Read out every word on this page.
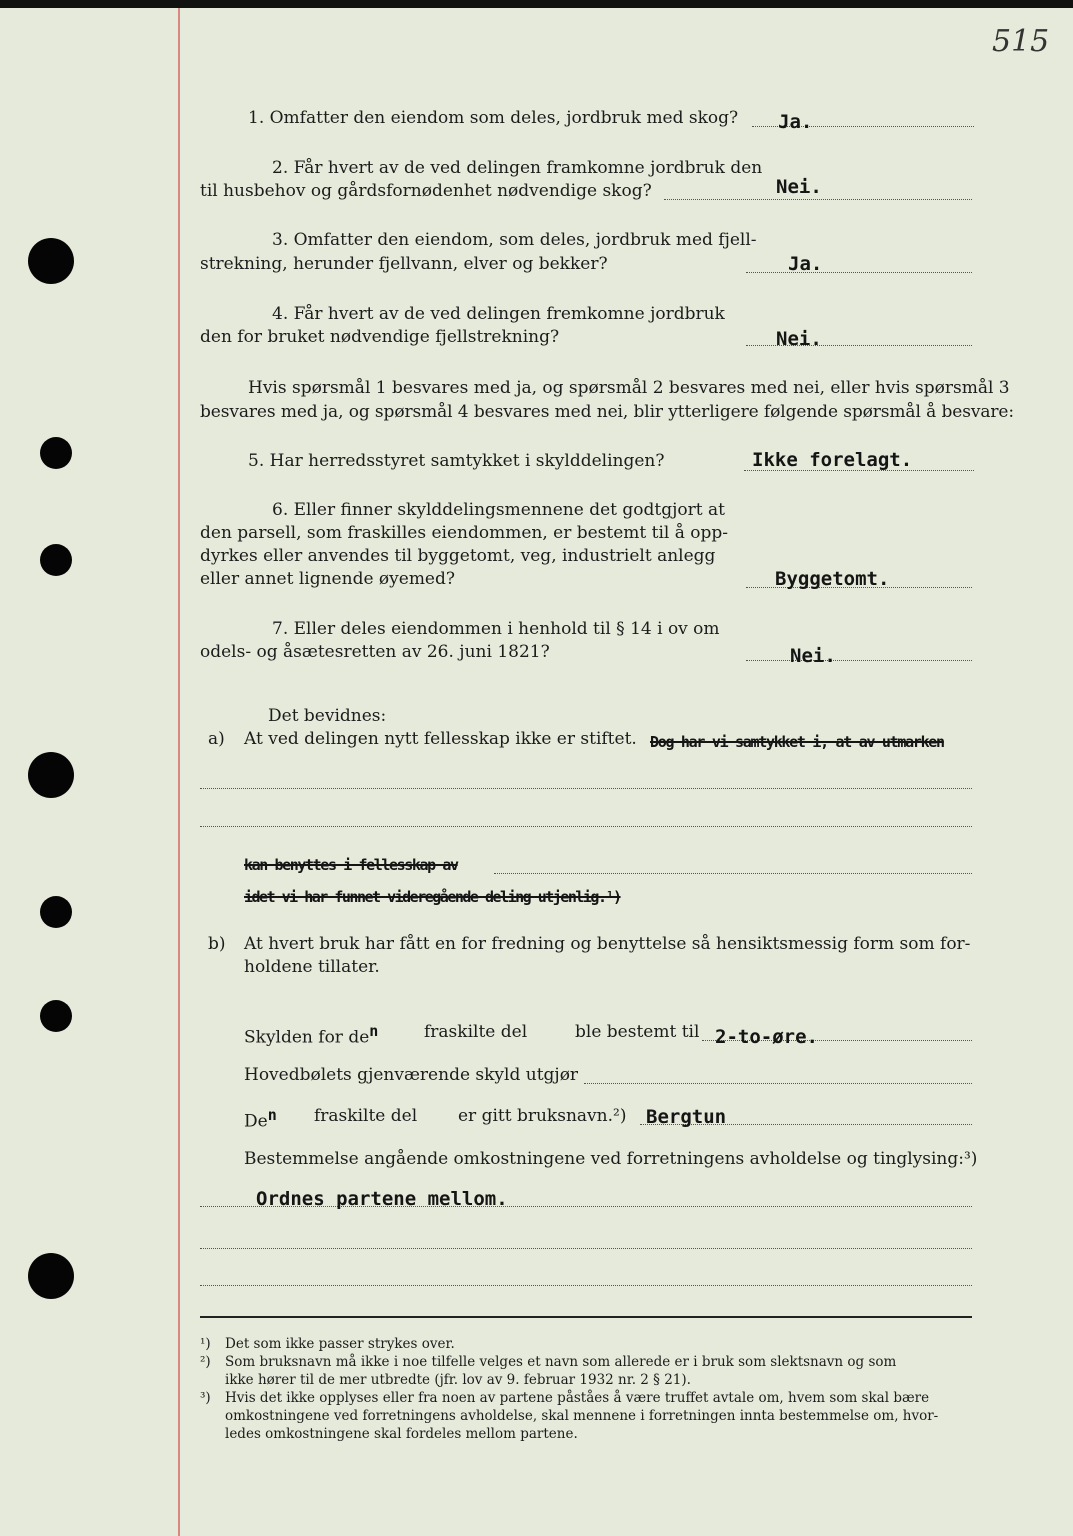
515
1. Omfatter den eiendom som deles, jordbruk med skog? Ja.
2. Får hvert av de ved delingen framkomne jordbruk den
til husbehov og gårdsfornødenhet nødvendige skog?	Nei.
3. Omfatter den eiendom, som deles, jordbruk med fjell-
strekning, herunder fjellvann, elver og bekker?	Ja.
4. Får hvert av de ved delingen fremkomne jordbruk
den for bruket nødvendige fjellstrekning?	Nei.
Hvis spørsmål 1 besvares med ja, og spørsmål 2 besvares med nei, eller hvis spørsmål 3
besvares med ja, og spørsmål 4 besvares med nei, blir ytterligere følgende spørsmål å besvare:
5. Har herredsstyret samtykket i skylddelingen?	Ikke forelagt.
6. Eller finner skylddelingsmennene det godtgjort at
den parsell, som fraskilles eiendommen, er bestemt til å opp-
dyrkes eller anvendes til byggetomt, veg, industrielt anlegg
eller annet lignende øyemed?	Byggetomt.
7. Eller deles eiendommen i henhold til § 14 i ov om
odels- og åsætesretten av 26. juni 1821?	Nei.
Det bevidnes:
a) At ved delingen nytt fellesskap ikke er stiftet. Dog har vi samtykket i, at av utmarken
kan benyttes i fellesskap av
idet vi har funnet videregående deling utjenlig.¹)
b) At hvert bruk har fått en for fredning og benyttelse så hensiktsmessig form som for-
holdene tillater.
Skylden for $de^n$	fraskilte del	ble bestemt til 2-to-øre.
Hovedbølets gjenværende skyld utgjør
De$^n$ fraskilte del er gitt bruksnavn.²) Bergtun
Bestemmelse angående omkostningene ved forretningens avholdelse og tinglysing:³)
Ordnes partene mellom.
¹) Det som ikke passer strykes over.
²) Som bruksnavn må ikke i noe tilfelle velges et navn som allerede er i bruk som slektsnavn og som
ikke hører til de mer utbredte (jfr. lov av 9. februar 1932 nr. 2 § 21).
³) Hvis det ikke opplyses eller fra noen av partene påståes å være truffet avtale om, hvem som skal bære
omkostningene ved forretningens avholdelse, skal mennene i forretningen innta bestemmelse om, hvor-
ledes omkostningene skal fordeles mellom partene.
